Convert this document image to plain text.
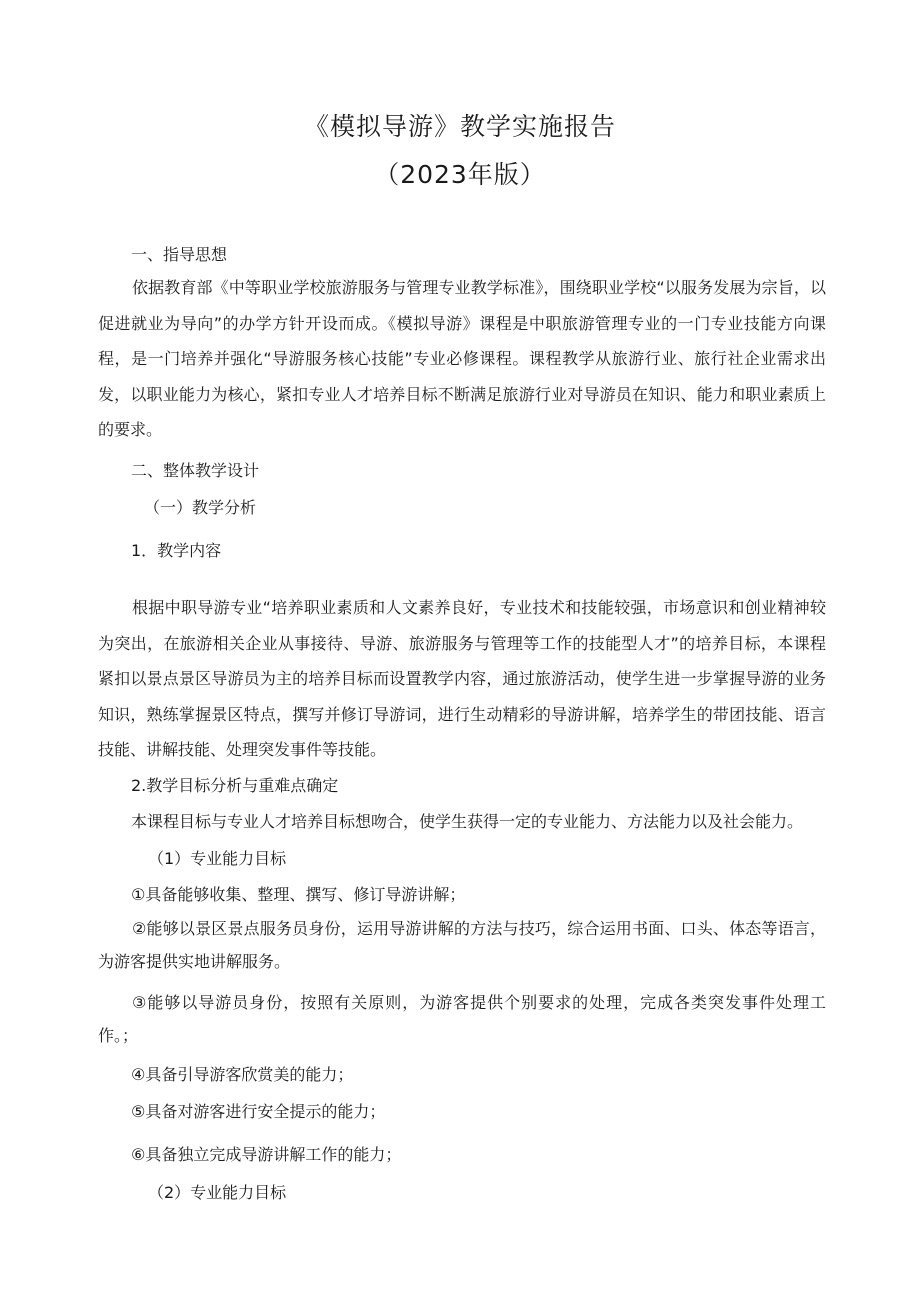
《模拟导游》教学实施报告
（2023年版）

一、指导思想

依据教育部《中等职业学校旅游服务与管理专业教学标准》，围绕职业学校“以服务发展为宗旨，以促进就业为导向”的办学方针开设而成。《模拟导游》课程是中职旅游管理专业的一门专业技能方向课程，是一门培养并强化“导游服务核心技能”专业必修课程。课程教学从旅游行业、旅行社企业需求出发，以职业能力为核心，紧扣专业人才培养目标不断满足旅游行业对导游员在知识、能力和职业素质上的要求。

二、整体教学设计

（一）教学分析

1．教学内容

根据中职导游专业“培养职业素质和人文素养良好，专业技术和技能较强，市场意识和创业精神较为突出，在旅游相关企业从事接待、导游、旅游服务与管理等工作的技能型人才”的培养目标，本课程紧扣以景点景区导游员为主的培养目标而设置教学内容，通过旅游活动，使学生进一步掌握导游的业务知识，熟练掌握景区特点，撰写并修订导游词，进行生动精彩的导游讲解，培养学生的带团技能、语言技能、讲解技能、处理突发事件等技能。

2.教学目标分析与重难点确定

本课程目标与专业人才培养目标想吻合，使学生获得一定的专业能力、方法能力以及社会能力。

（1）专业能力目标

①具备能够收集、整理、撰写、修订导游讲解；

②能够以景区景点服务员身份，运用导游讲解的方法与技巧，综合运用书面、口头、体态等语言，为游客提供实地讲解服务。

③能够以导游员身份，按照有关原则，为游客提供个别要求的处理，完成各类突发事件处理工作。；

④具备引导游客欣赏美的能力；

⑤具备对游客进行安全提示的能力；

⑥具备独立完成导游讲解工作的能力；

（2）专业能力目标
